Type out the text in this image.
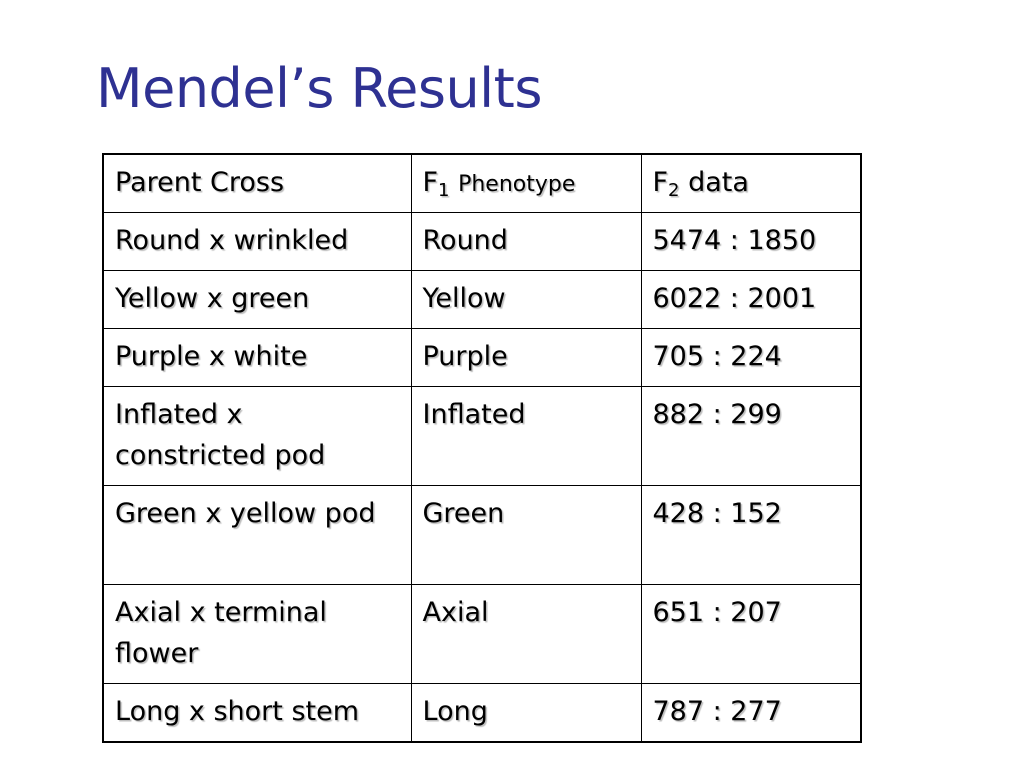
Mendel’s Results
Parent Cross	$F_1$ Phenotype	$F_2$ data
Round x wrinkled	Round	5474 : 1850
Yellow x green	Yellow	6022 : 2001
Purple x white	Purple	705 : 224
Inflated x constricted pod	Inflated	882 : 299
Green x yellow pod	Green	428 : 152
Axial x terminal flower	Axial	651 : 207
Long x short stem	Long	787 : 277
